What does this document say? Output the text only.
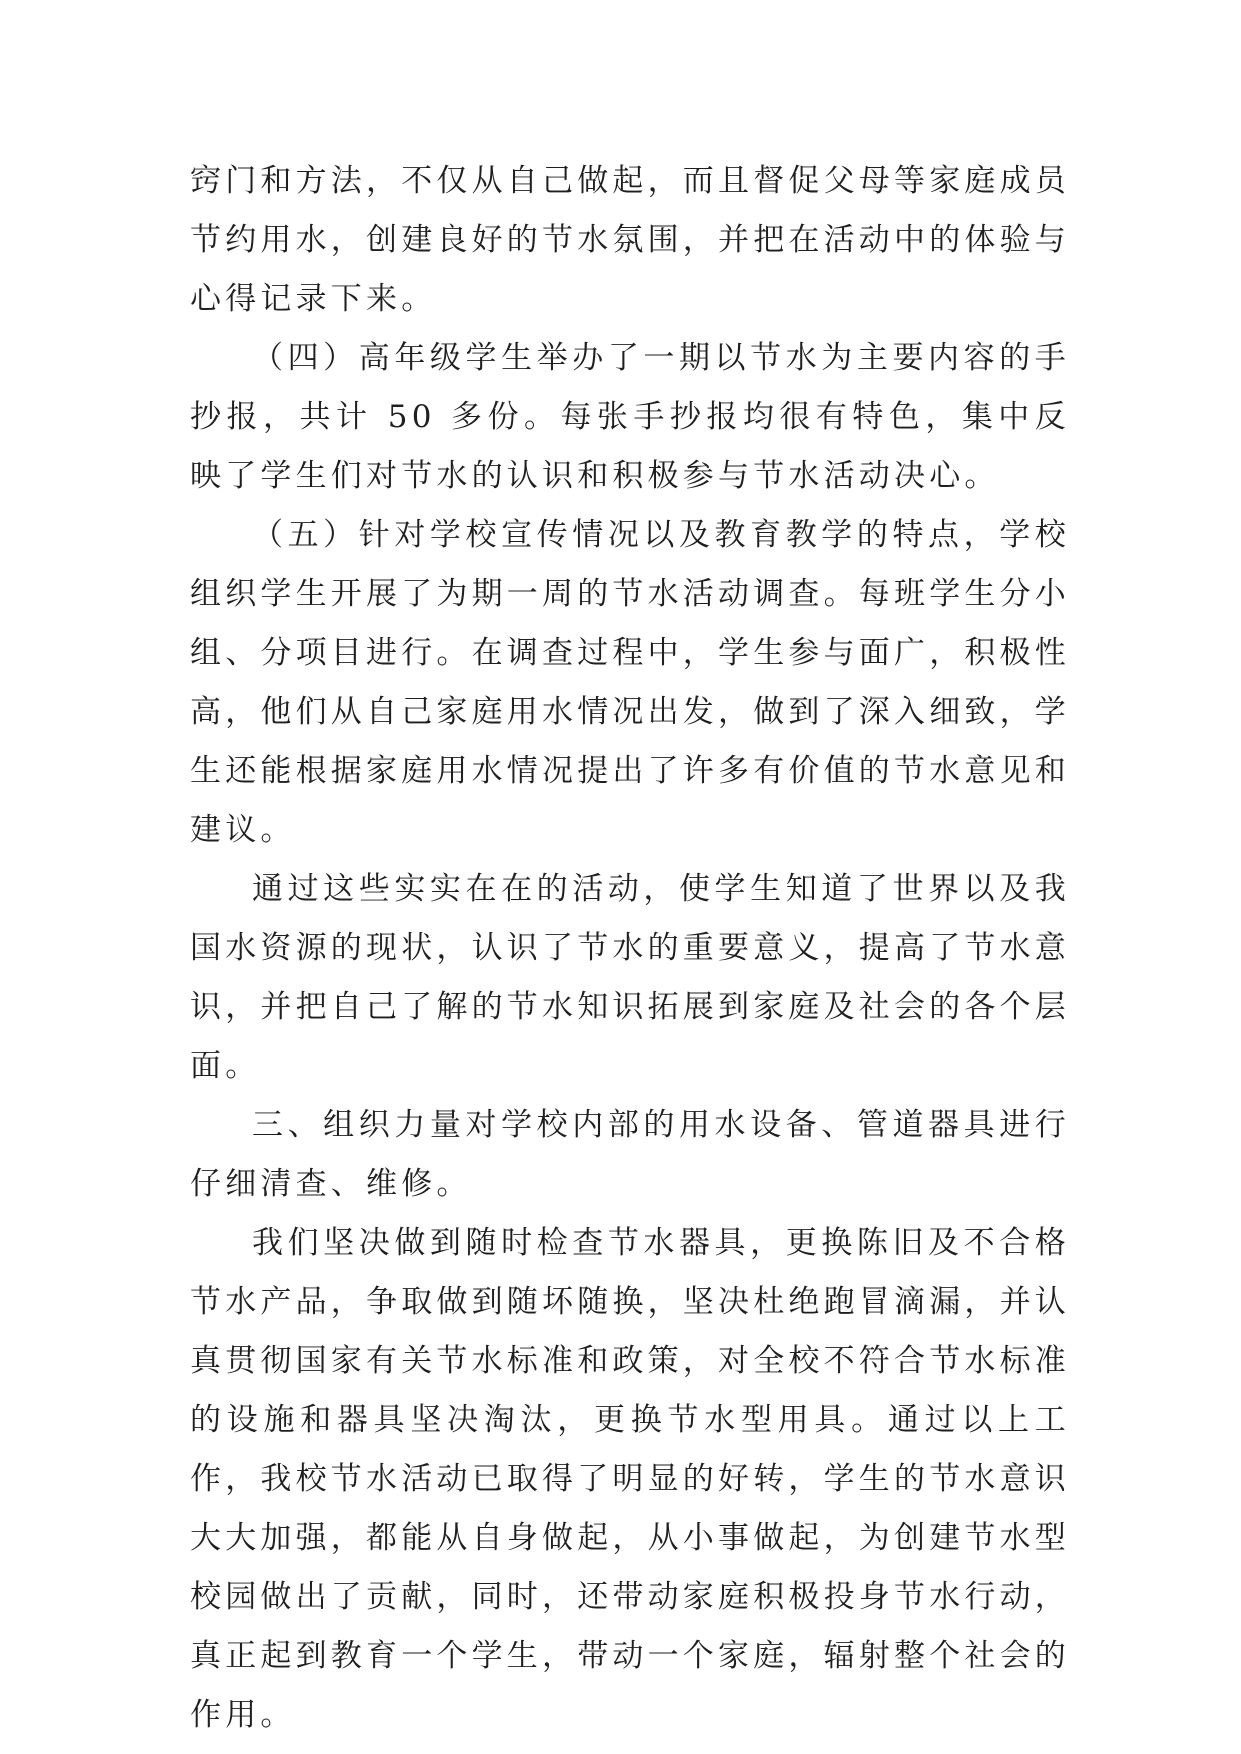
窍门和方法，不仅从自己做起，而且督促父母等家庭成员节约用水，创建良好的节水氛围，并把在活动中的体验与心得记录下来。

（四）高年级学生举办了一期以节水为主要内容的手抄报，共计 50 多份。每张手抄报均很有特色，集中反映了学生们对节水的认识和积极参与节水活动决心。

（五）针对学校宣传情况以及教育教学的特点，学校组织学生开展了为期一周的节水活动调查。每班学生分小组、分项目进行。在调查过程中，学生参与面广，积极性高，他们从自己家庭用水情况出发，做到了深入细致，学生还能根据家庭用水情况提出了许多有价值的节水意见和建议。

通过这些实实在在的活动，使学生知道了世界以及我国水资源的现状，认识了节水的重要意义，提高了节水意识，并把自己了解的节水知识拓展到家庭及社会的各个层面。

三、组织力量对学校内部的用水设备、管道器具进行仔细清查、维修。

我们坚决做到随时检查节水器具，更换陈旧及不合格节水产品，争取做到随坏随换，坚决杜绝跑冒滴漏，并认真贯彻国家有关节水标准和政策，对全校不符合节水标准的设施和器具坚决淘汰，更换节水型用具。通过以上工作，我校节水活动已取得了明显的好转，学生的节水意识大大加强，都能从自身做起，从小事做起，为创建节水型校园做出了贡献，同时，还带动家庭积极投身节水行动，真正起到教育一个学生，带动一个家庭，辐射整个社会的作用。
